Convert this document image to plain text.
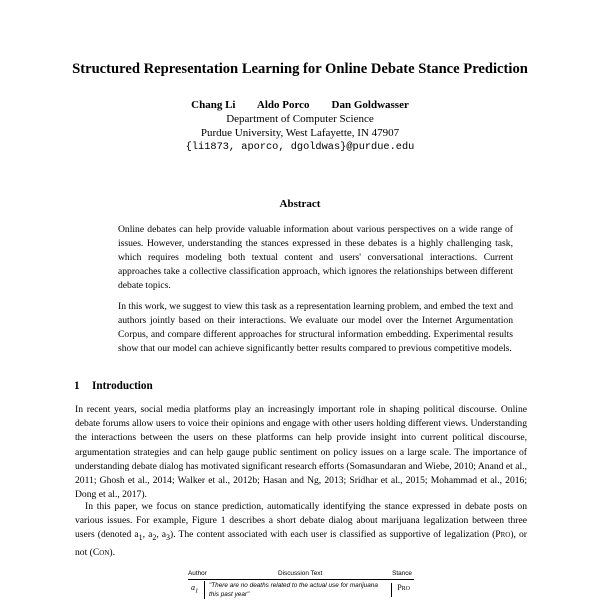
Structured Representation Learning for Online Debate Stance Prediction
Chang Li        Aldo Porco        Dan Goldwasser
Department of Computer Science
Purdue University, West Lafayette, IN 47907
{li1873, aporco, dgoldwas}@purdue.edu
Abstract

Online debates can help provide valuable information about various perspectives on a wide range of issues. However, understanding the stances expressed in these debates is a highly challenging task, which requires modeling both textual content and users' conversational interactions. Current approaches take a collective classification approach, which ignores the relationships between different debate topics.

In this work, we suggest to view this task as a representation learning problem, and embed the text and authors jointly based on their interactions. We evaluate our model over the Internet Argumentation Corpus, and compare different approaches for structural information embedding. Experimental results show that our model can achieve significantly better results compared to previous competitive models.

1 Introduction

In recent years, social media platforms play an increasingly important role in shaping political discourse. Online debate forums allow users to voice their opinions and engage with other users holding different views. Understanding the interactions between the users on these platforms can help provide insight into current political discourse, argumentation strategies and can help gauge public sentiment on policy issues on a large scale. The importance of understanding debate dialog has motivated significant research efforts (Somasundaran and Wiebe, 2010; Anand et al., 2011; Ghosh et al., 2014; Walker et al., 2012b; Hasan and Ng, 2013; Sridhar et al., 2015; Mohammad et al., 2016; Dong et al., 2017).

In this paper, we focus on stance prediction, automatically identifying the stance expressed in debate posts on various issues. For example, Figure 1 describes a short debate dialog about marijuana legalization between three users (denoted $a_1$, $a_2$, $a_3$). The content associated with each user is classified as supportive of legalization (Pro), or not (Con).

Author	Discussion Text	Stance
$a_1$
"There are no deaths related to the actual use for marijuana this past year"
Pro
